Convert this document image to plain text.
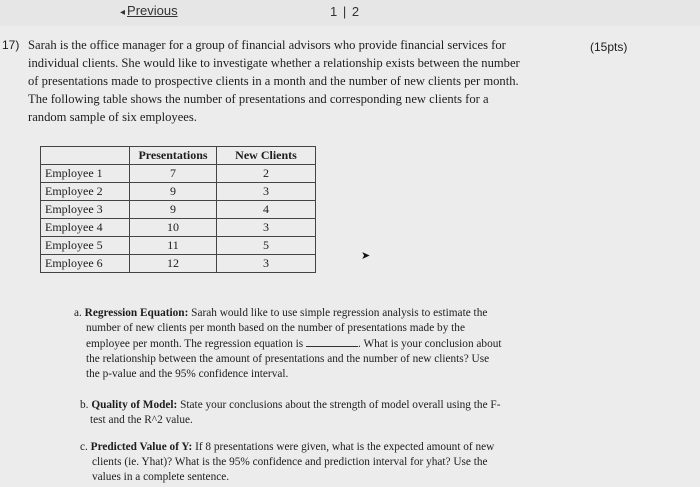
◂ Previous	1 | 2
17)	(15pts)
Sarah is the office manager for a group of financial advisors who provide financial services for
individual clients. She would like to investigate whether a relationship exists between the number
of presentations made to prospective clients in a month and the number of new clients per month.
The following table shows the number of presentations and corresponding new clients for a
random sample of six employees.
	Presentations	New Clients
Employee 1	7	2
Employee 2	9	3
Employee 3	9	4
Employee 4	10	3
Employee 5	11	5
Employee 6	12	3	➤
a. Regression Equation: Sarah would like to use simple regression analysis to estimate the
number of new clients per month based on the number of presentations made by the
employee per month. The regression equation is	. What is your conclusion about
the relationship between the amount of presentations and the number of new clients? Use
the p-value and the 95% confidence interval.
b. Quality of Model: State your conclusions about the strength of model overall using the F-
test and the R^2 value.
c. Predicted Value of Y: If 8 presentations were given, what is the expected amount of new
clients (ie. Yhat)? What is the 95% confidence and prediction interval for yhat? Use the
values in a complete sentence.
